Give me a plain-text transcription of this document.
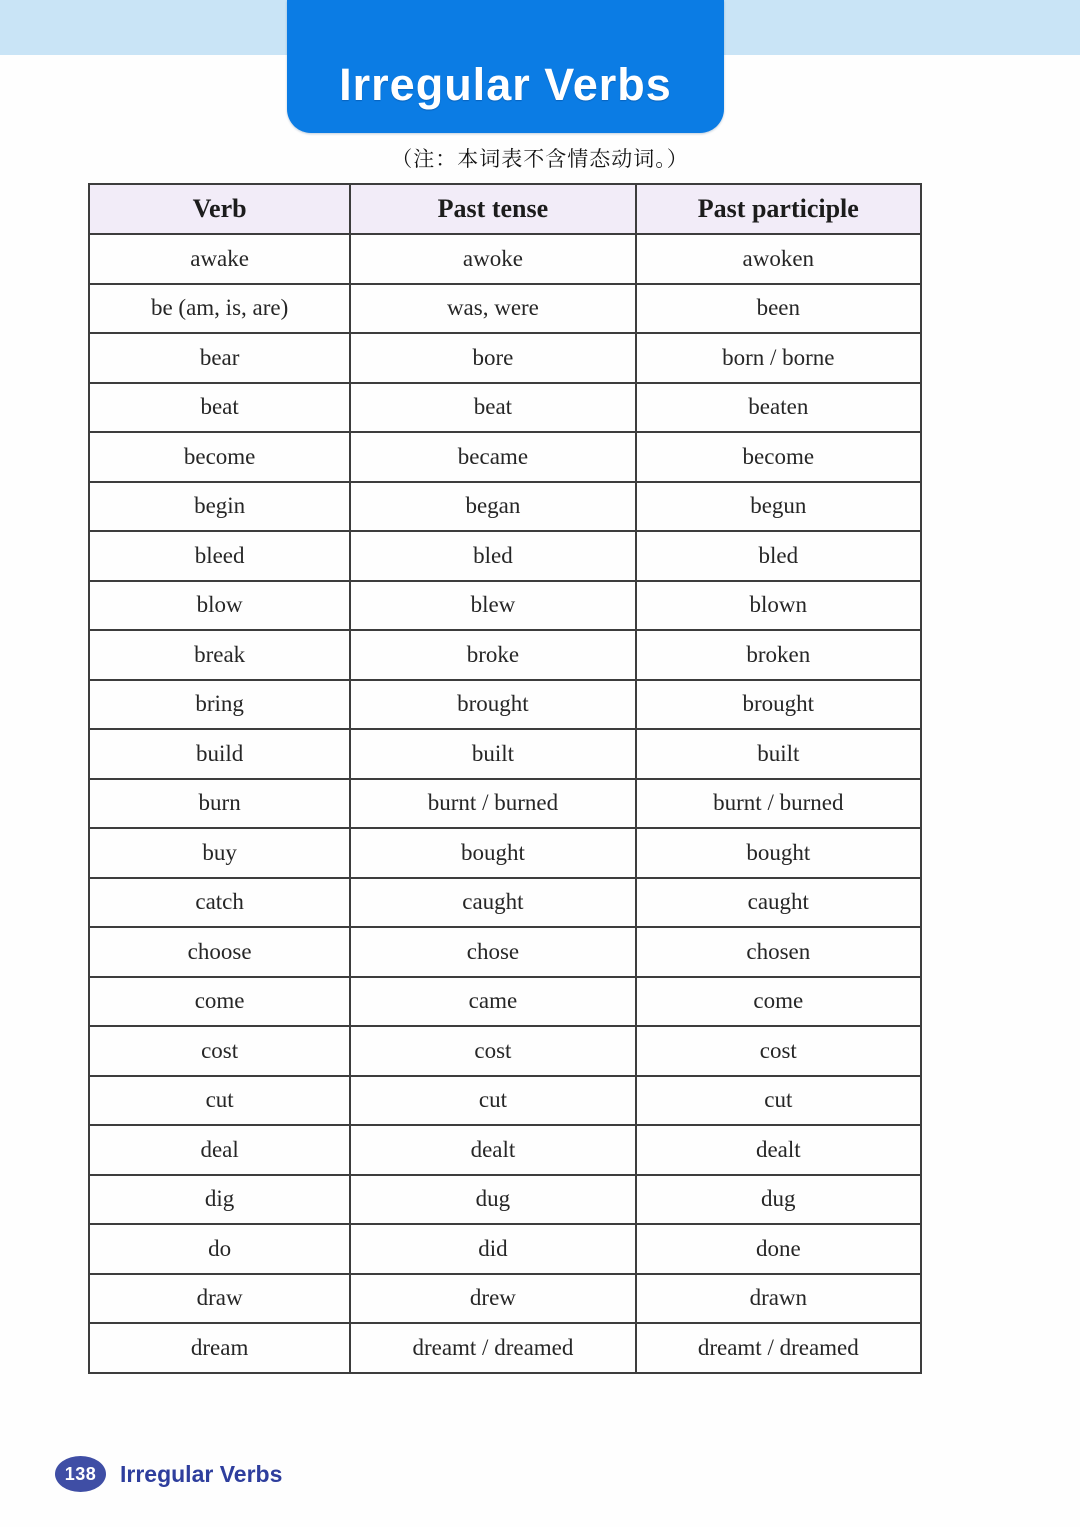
Irregular Verbs
（注：本词表不含情态动词。）
Verb	Past tense	Past participle
awake	awoke	awoken
be (am, is, are)	was, were	been
bear	bore	born / borne
beat	beat	beaten
become	became	become
begin	began	begun
bleed	bled	bled
blow	blew	blown
break	broke	broken
bring	brought	brought
build	built	built
burn	burnt / burned	burnt / burned
buy	bought	bought
catch	caught	caught
choose	chose	chosen
come	came	come
cost	cost	cost
cut	cut	cut
deal	dealt	dealt
dig	dug	dug
do	did	done
draw	drew	drawn
dream	dreamt / dreamed	dreamt / dreamed
138	Irregular Verbs
